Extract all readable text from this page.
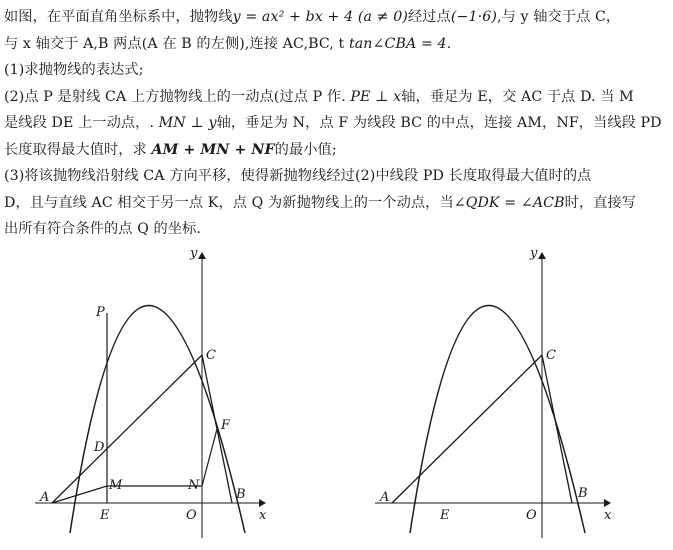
如图，在平面直角坐标系中，抛物线y = ax² + bx + 4 (a ≠ 0)经过点(−1·6),与 y 轴交于点 C，

与 x 轴交于 A,B 两点(A 在 B 的左侧),连接 AC,BC, t tan∠CBA = 4.

(1)求抛物线的表达式;

(2)点 P 是射线 CA 上方抛物线上的一动点(过点 P 作. PE ⊥ x轴，垂足为 E，交 AC 于点 D. 当 M

是线段 DE 上一动点，. MN ⊥ y轴，垂足为 N，点 F 为线段 BC 的中点，连接 AM，NF，当线段 PD

长度取得最大值时，求 AM + MN + NF的最小值;

(3)将该抛物线沿射线 CA 方向平移，使得新抛物线经过(2)中线段 PD 长度取得最大值时的点

D，且与直线 AC 相交于另一点 K，点 Q 为新抛物线上的一个动点，当∠QDK = ∠ACB时，直接写

出所有符合条件的点 Q 的坐标.

y
x
P
C
D
F
A
M	N
B
E	O
y
x
C
A	B
E	O
